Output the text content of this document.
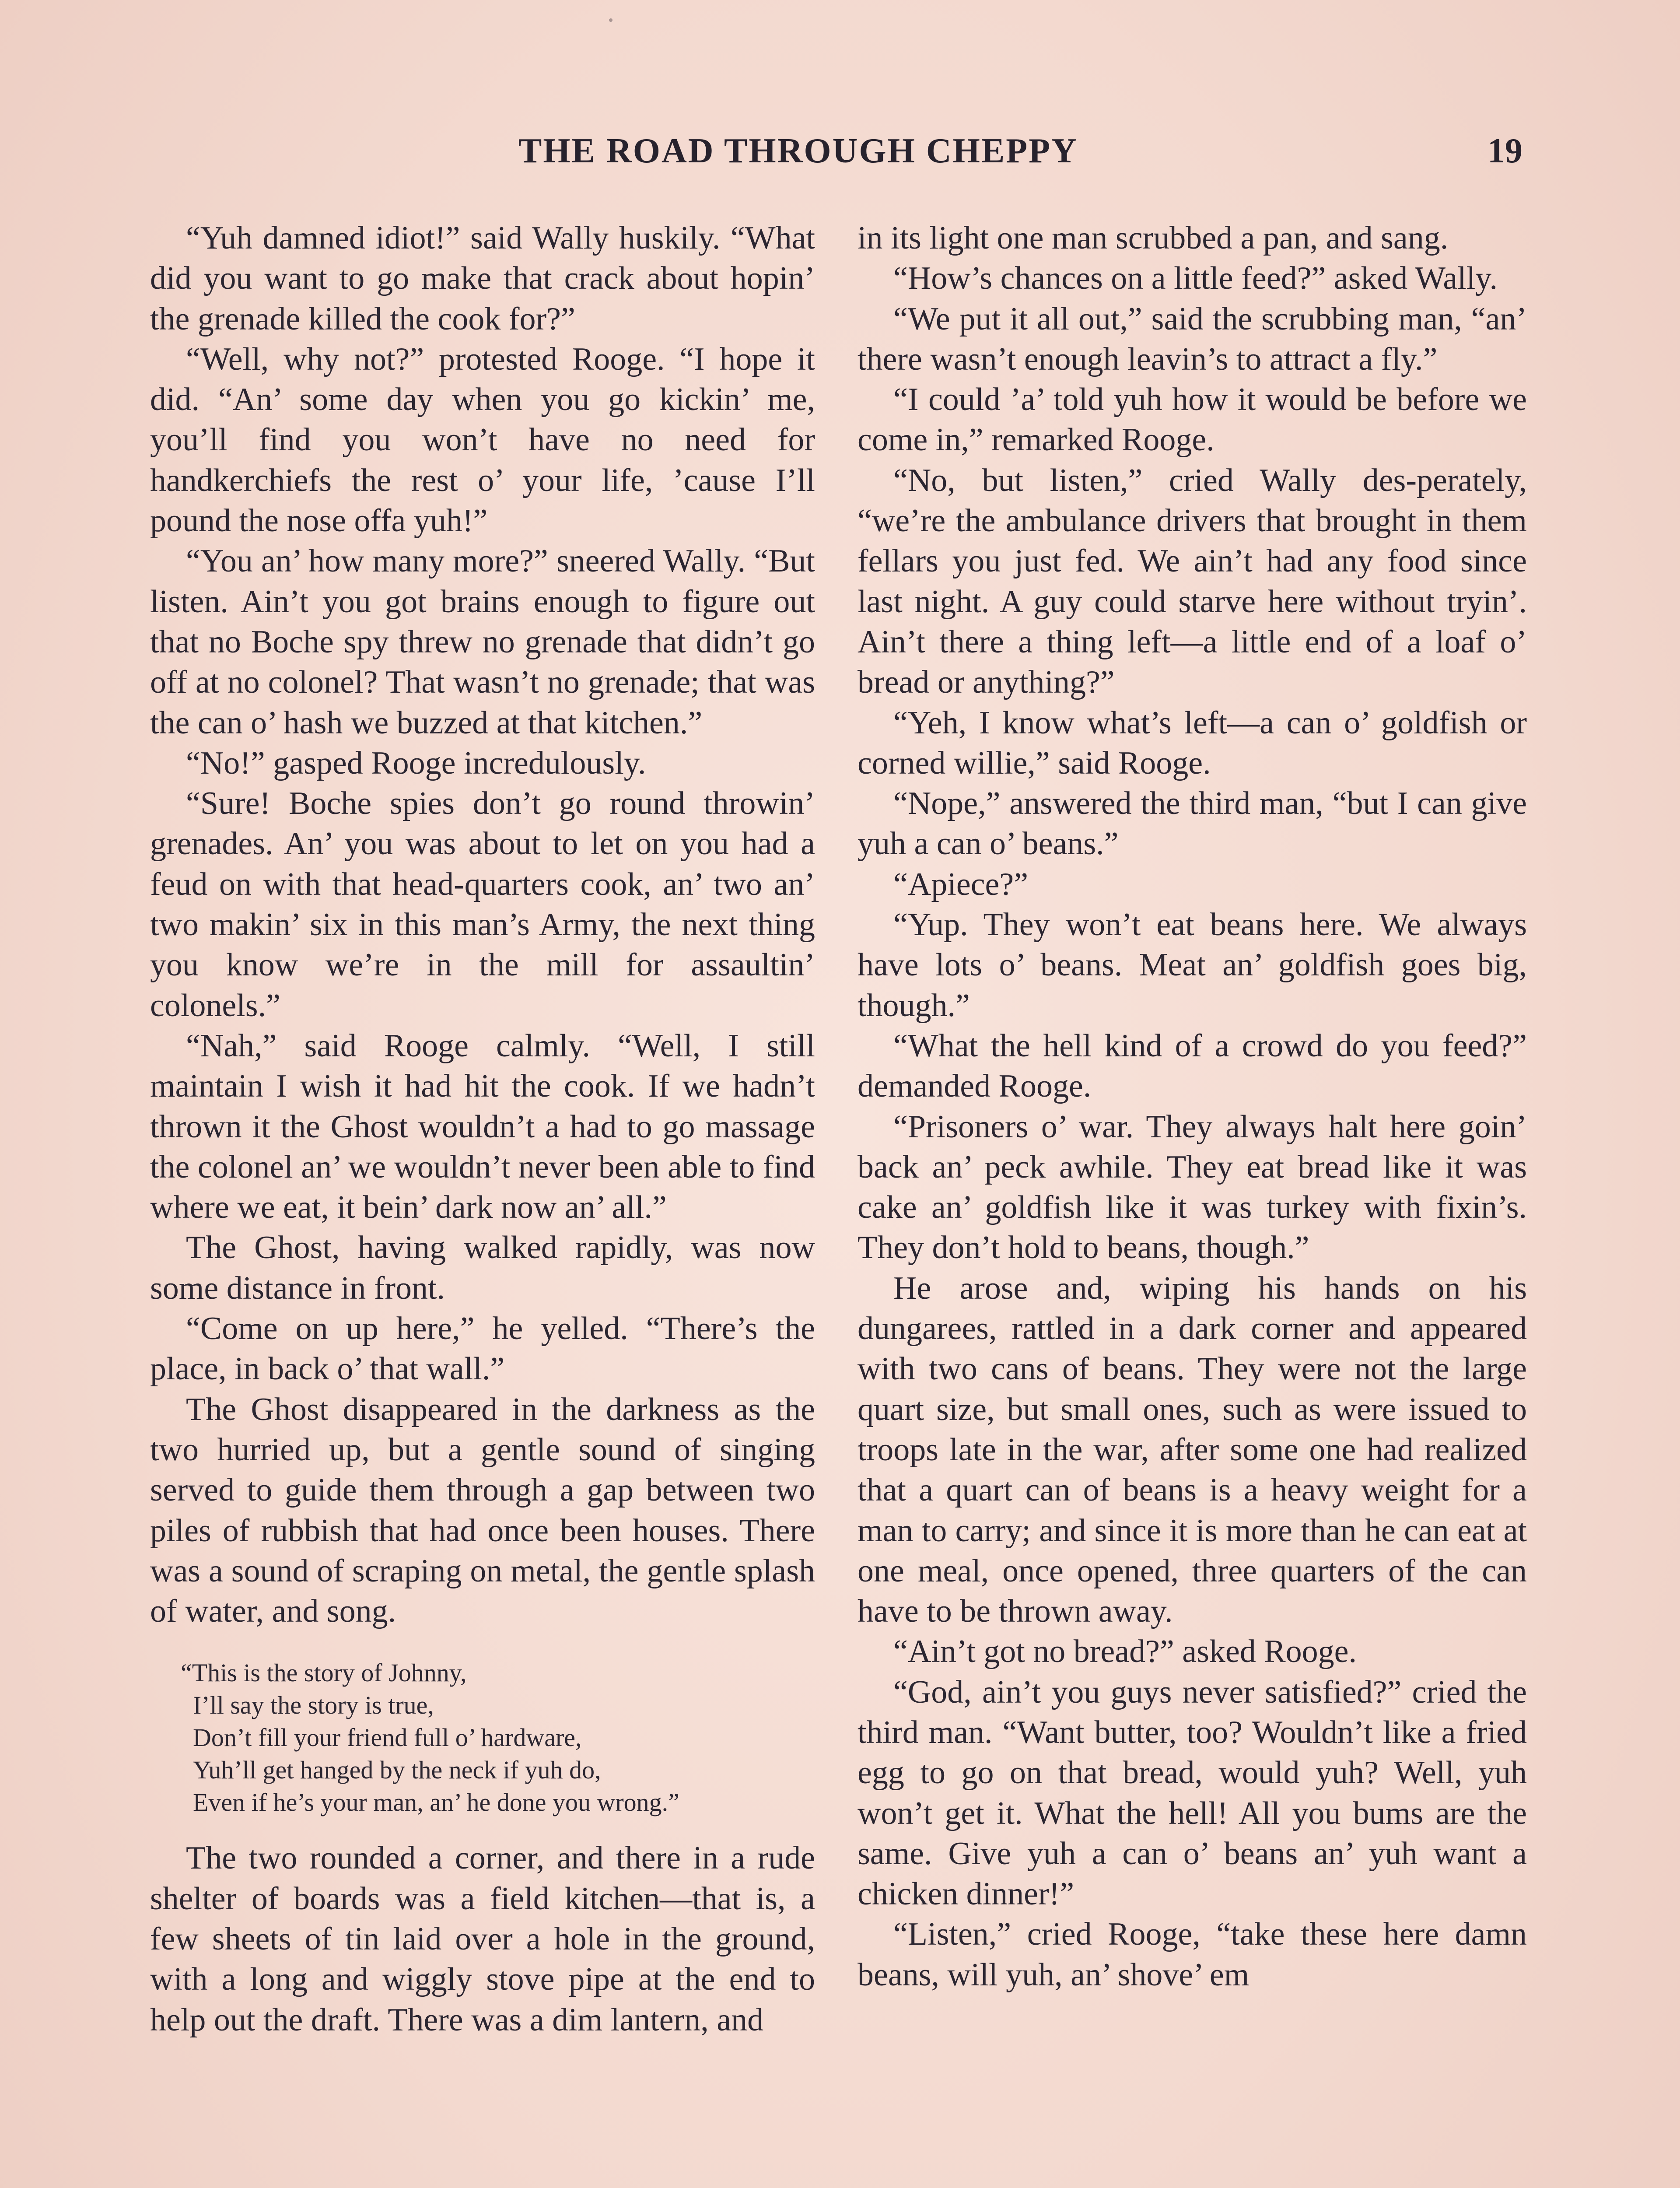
THE ROAD THROUGH CHEPPY	19

“Yuh damned idiot!” said Wally huskily. “What did you want to go make that crack about hopin’ the grenade killed the cook for?”

“Well, why not?” protested Rooge. “I hope it did. “An’ some day when you go kickin’ me, you’ll find you won’t have no need for handkerchiefs the rest o’ your life, ’cause I’ll pound the nose offa yuh!”

“You an’ how many more?” sneered Wally. “But listen. Ain’t you got brains enough to figure out that no Boche spy threw no grenade that didn’t go off at no colonel? That wasn’t no grenade; that was the can o’ hash we buzzed at that kitchen.”

“No!” gasped Rooge incredulously.

“Sure! Boche spies don’t go round throwin’ grenades. An’ you was about to let on you had a feud on with that head-quarters cook, an’ two an’ two makin’ six in this man’s Army, the next thing you know we’re in the mill for assaultin’ colonels.”

“Nah,” said Rooge calmly. “Well, I still maintain I wish it had hit the cook. If we hadn’t thrown it the Ghost wouldn’t a had to go massage the colonel an’ we wouldn’t never been able to find where we eat, it bein’ dark now an’ all.”

The Ghost, having walked rapidly, was now some distance in front.

“Come on up here,” he yelled. “There’s the place, in back o’ that wall.”

The Ghost disappeared in the darkness as the two hurried up, but a gentle sound of singing served to guide them through a gap between two piles of rubbish that had once been houses. There was a sound of scraping on metal, the gentle splash of water, and song.

“This is the story of Johnny,
I’ll say the story is true,
Don’t fill your friend full o’ hardware,
Yuh’ll get hanged by the neck if yuh do,
Even if he’s your man, an’ he done you wrong.”

The two rounded a corner, and there in a rude shelter of boards was a field kitchen—that is, a few sheets of tin laid over a hole in the ground, with a long and wiggly stove pipe at the end to help out the draft. There was a dim lantern, and

in its light one man scrubbed a pan, and sang.

“How’s chances on a little feed?” asked Wally.

“We put it all out,” said the scrubbing man, “an’ there wasn’t enough leavin’s to attract a fly.”

“I could ’a’ told yuh how it would be before we come in,” remarked Rooge.

“No, but listen,” cried Wally des-perately, “we’re the ambulance drivers that brought in them fellars you just fed. We ain’t had any food since last night. A guy could starve here without tryin’. Ain’t there a thing left—a little end of a loaf o’ bread or anything?”

“Yeh, I know what’s left—a can o’ goldfish or corned willie,” said Rooge.

“Nope,” answered the third man, “but I can give yuh a can o’ beans.”

“Apiece?”

“Yup. They won’t eat beans here. We always have lots o’ beans. Meat an’ goldfish goes big, though.”

“What the hell kind of a crowd do you feed?” demanded Rooge.

“Prisoners o’ war. They always halt here goin’ back an’ peck awhile. They eat bread like it was cake an’ goldfish like it was turkey with fixin’s. They don’t hold to beans, though.”

He arose and, wiping his hands on his dungarees, rattled in a dark corner and appeared with two cans of beans. They were not the large quart size, but small ones, such as were issued to troops late in the war, after some one had realized that a quart can of beans is a heavy weight for a man to carry; and since it is more than he can eat at one meal, once opened, three quarters of the can have to be thrown away.

“Ain’t got no bread?” asked Rooge.

“God, ain’t you guys never satisfied?” cried the third man. “Want butter, too? Wouldn’t like a fried egg to go on that bread, would yuh? Well, yuh won’t get it. What the hell! All you bums are the same. Give yuh a can o’ beans an’ yuh want a chicken dinner!”

“Listen,” cried Rooge, “take these here damn beans, will yuh, an’ shove’ em
